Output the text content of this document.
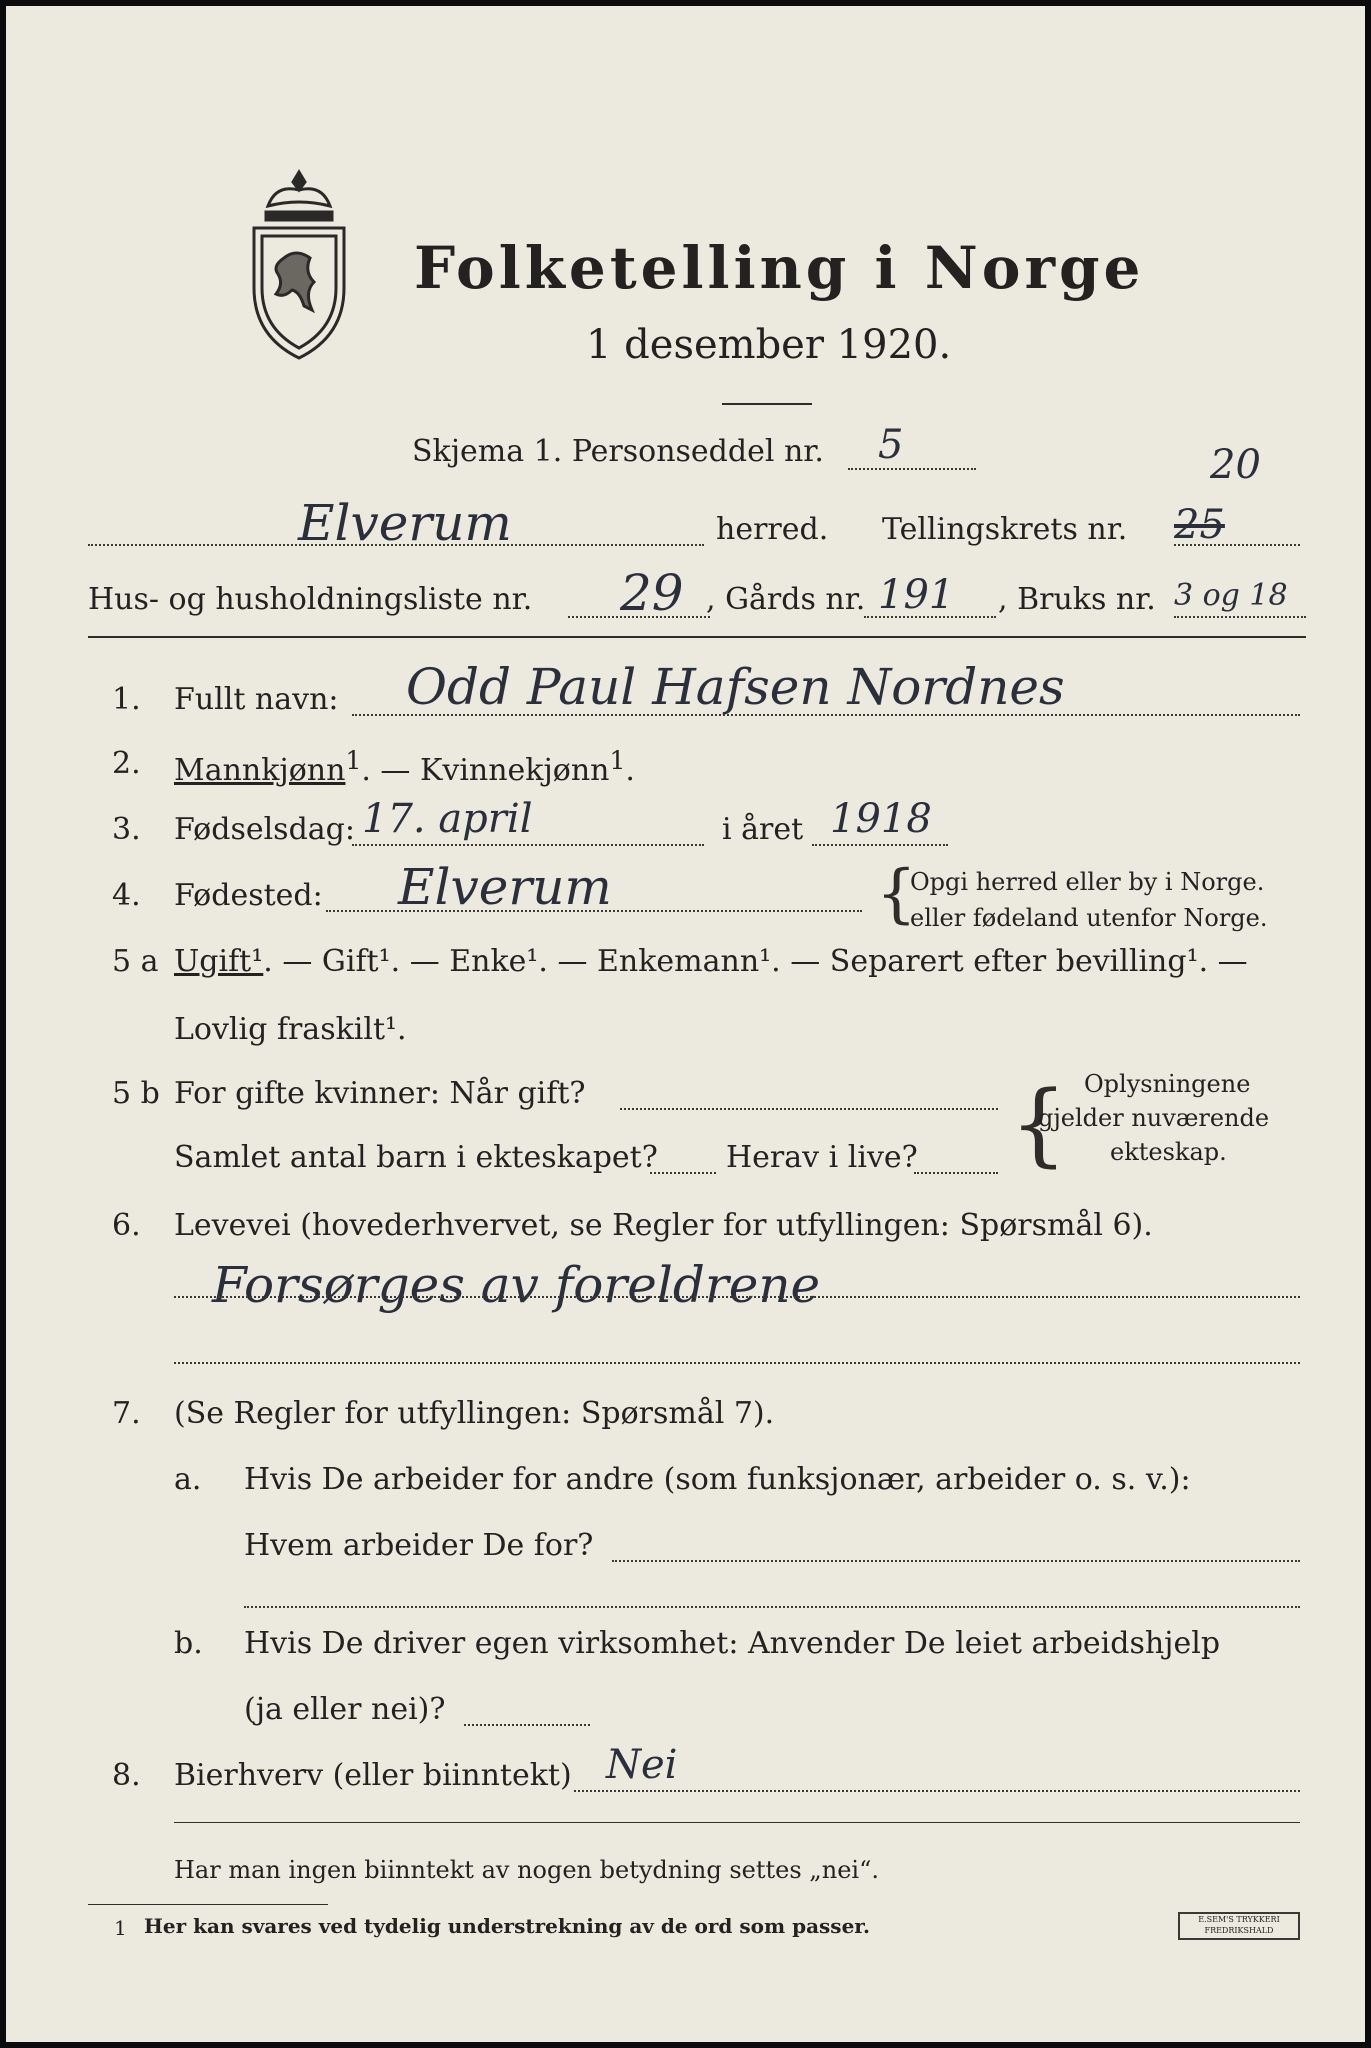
Folketelling i Norge
1 desember 1920.
Skjema 1. Personseddel nr. 5
Elverum	herred. Tellingskrets nr. 25
20
Hus- og husholdningsliste nr. 29 , Gårds nr. 191 , Bruks nr. 3 og 18
1. Fullt navn: Odd Paul Hafsen Nordnes
2. Mannkjønn$^1$. — Kvinnekjønn$^1$.
3. Fødselsdag: 17. april	i året 1918
4. Fødested: Elverum	{
Opgi herred eller by i Norge.
eller fødeland utenfor Norge.
5 a Ugift¹. — Gift¹. — Enke¹. — Enkemann¹. — Separert efter bevilling¹. —
Lovlig fraskilt¹.
5 b For gifte kvinner: Når gift?
Samlet antal barn i ekteskapet? Herav i live? { Oplysningene
gjelder nuværende
ekteskap.
6. Levevei (hovederhvervet, se Regler for utfyllingen: Spørsmål 6).
Forsørges av foreldrene
7. (Se Regler for utfyllingen: Spørsmål 7).
a. Hvis De arbeider for andre (som funksjonær, arbeider o. s. v.):
Hvem arbeider De for?
b. Hvis De driver egen virksomhet: Anvender De leiet arbeidshjelp
(ja eller nei)?
8. Bierhverv (eller biinntekt) Nei
Har man ingen biinntekt av nogen betydning settes „nei“.
1 Her kan svares ved tydelig understrekning av de ord som passer.	E.SEM'S TRYKKERI FREDRIKSHALD
